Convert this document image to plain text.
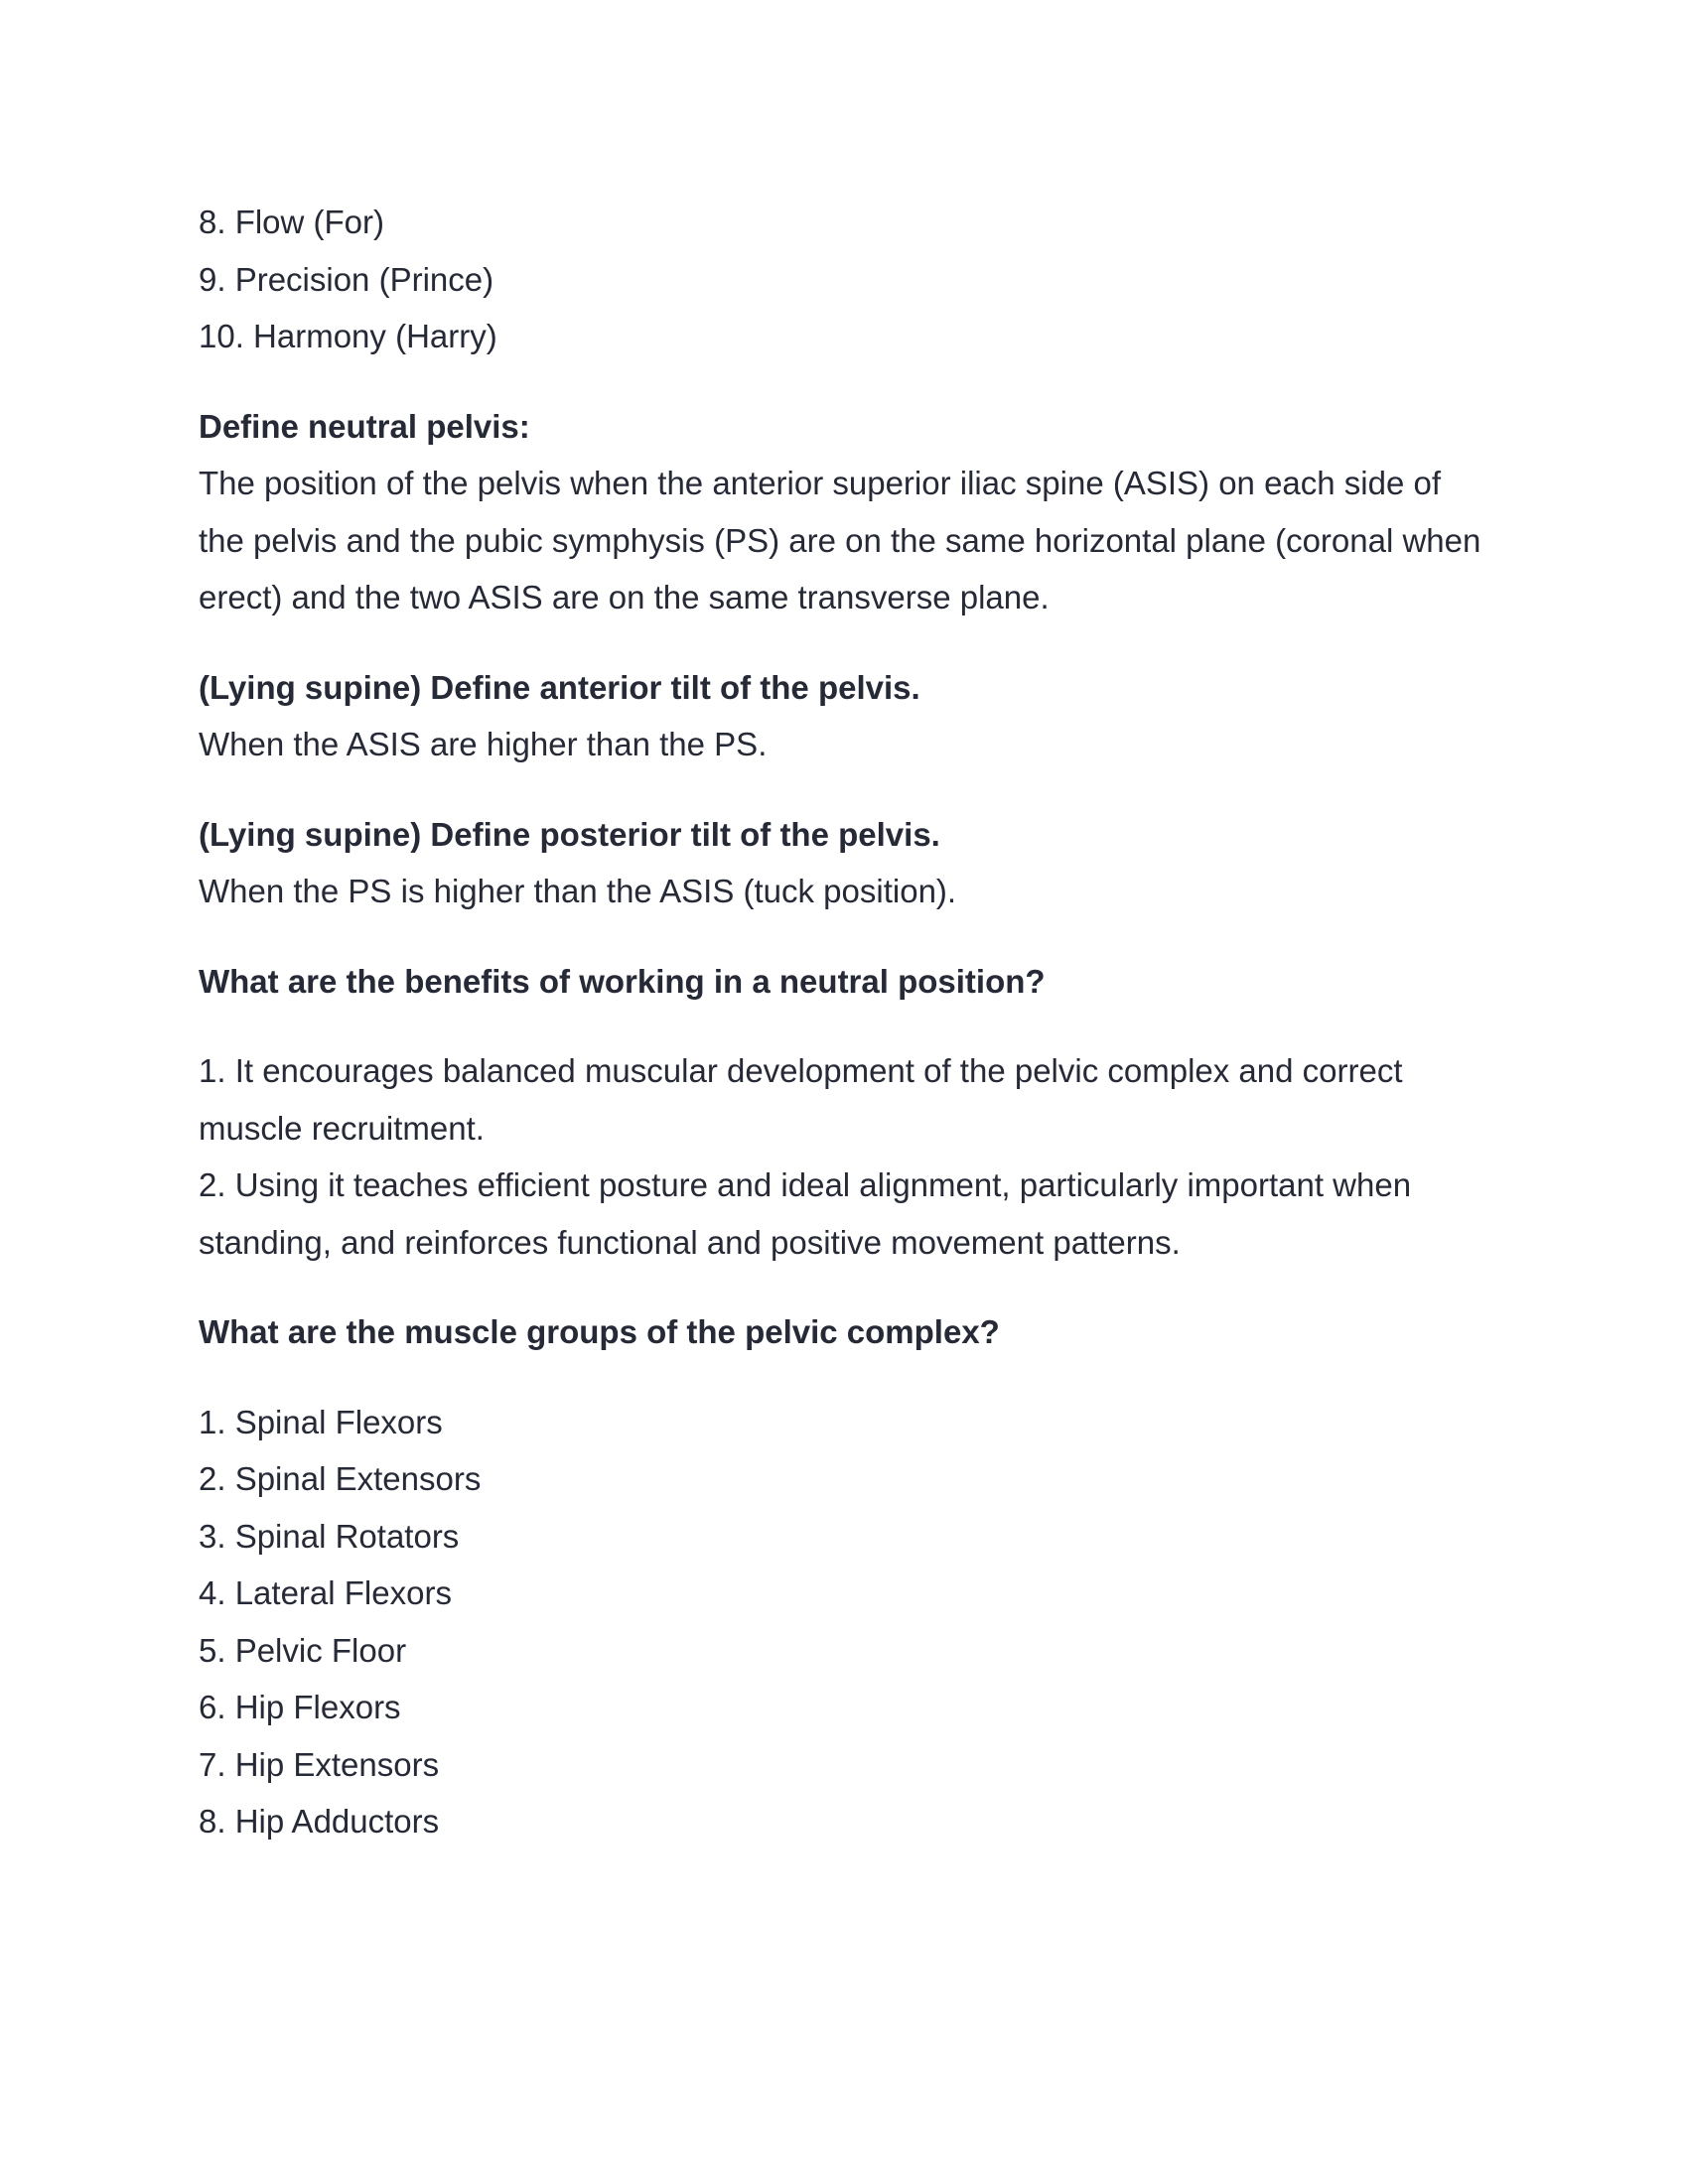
8. Flow (For)

9. Precision (Prince)

10. Harmony (Harry)

Define neutral pelvis:

The position of the pelvis when the anterior superior iliac spine (ASIS) on each side of the pelvis and the pubic symphysis (PS) are on the same horizontal plane (coronal when erect) and the two ASIS are on the same transverse plane.

(Lying supine) Define anterior tilt of the pelvis.

When the ASIS are higher than the PS.

(Lying supine) Define posterior tilt of the pelvis.

When the PS is higher than the ASIS (tuck position).

What are the benefits of working in a neutral position?

1. It encourages balanced muscular development of the pelvic complex and correct muscle recruitment.

2. Using it teaches efficient posture and ideal alignment, particularly important when standing, and reinforces functional and positive movement patterns.

What are the muscle groups of the pelvic complex?

1. Spinal Flexors

2. Spinal Extensors

3. Spinal Rotators

4. Lateral Flexors

5. Pelvic Floor

6. Hip Flexors

7. Hip Extensors

8. Hip Adductors
